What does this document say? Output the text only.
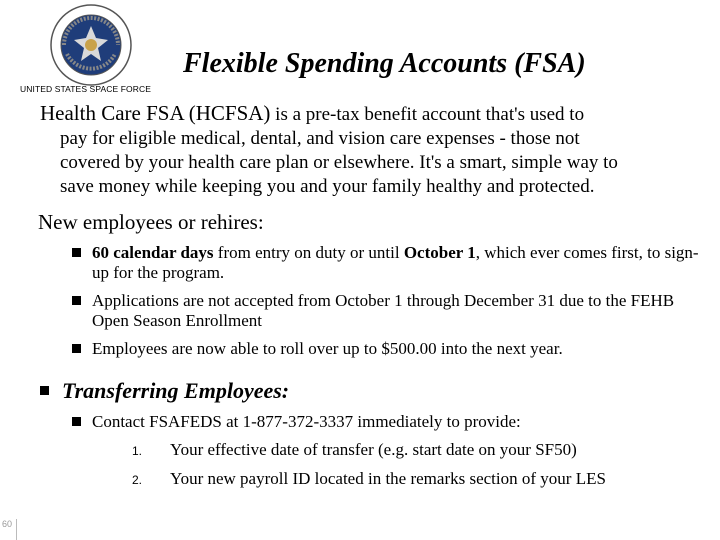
UNITED STATES SPACE FORCE
Flexible Spending Accounts (FSA)
Health Care FSA (HCFSA) is a pre-tax benefit account that's used to
pay for eligible medical, dental, and vision care expenses - those not
covered by your health care plan or elsewhere. It's a smart, simple way to
save money while keeping you and your family healthy and protected.
New employees or rehires:
60 calendar days from entry on duty or until October 1, which ever comes first, to sign-up for the program.
Applications are not accepted from October 1 through December 31 due to the FEHB Open Season Enrollment
Employees are now able to roll over up to $500.00 into the next year.
Transferring Employees:
Contact FSAFEDS at 1-877-372-3337 immediately to provide:
1. Your effective date of transfer (e.g. start date on your SF50)
2. Your new payroll ID located in the remarks section of your LES
60
